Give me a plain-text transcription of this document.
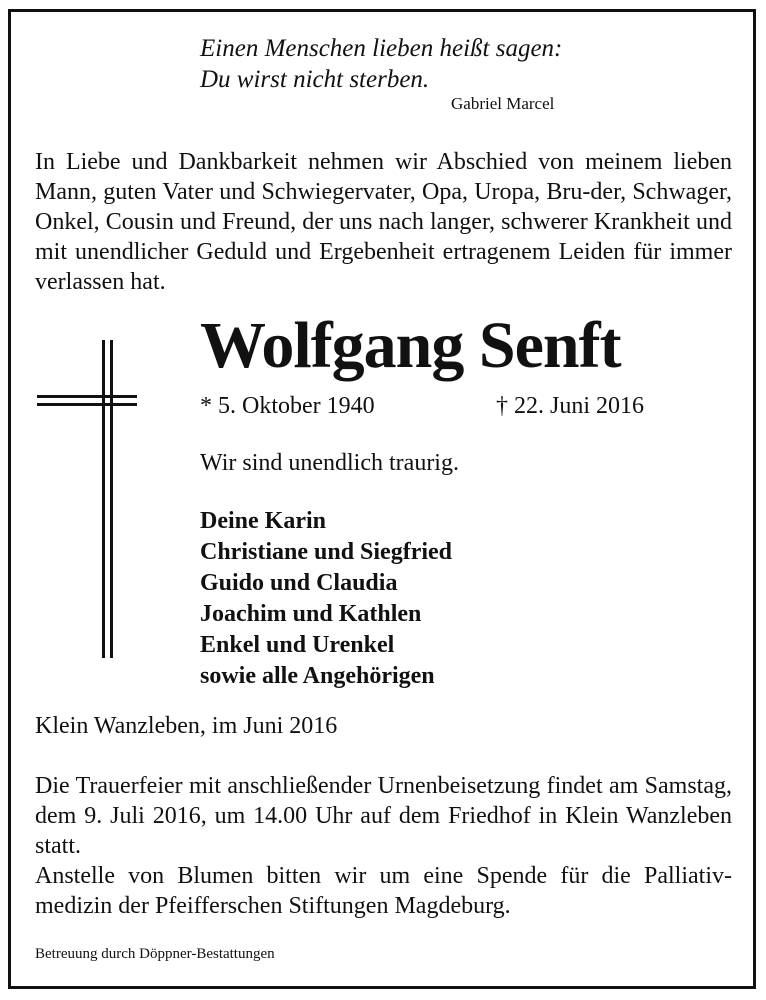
Einen Menschen lieben heißt sagen:
Du wirst nicht sterben.
Gabriel Marcel

In Liebe und Dankbarkeit nehmen wir Abschied von meinem lieben Mann, guten Vater und Schwiegervater, Opa, Uropa, Bru-der, Schwager, Onkel, Cousin und Freund, der uns nach langer, schwerer Krankheit und mit unendlicher Geduld und Ergebenheit ertragenem Leiden für immer verlassen hat.

Wolfgang Senft
* 5. Oktober 1940	† 22. Juni 2016
Wir sind unendlich traurig.
Deine Karin
Christiane und Siegfried
Guido und Claudia
Joachim und Kathlen
Enkel und Urenkel
sowie alle Angehörigen
Klein Wanzleben, im Juni 2016

Die Trauerfeier mit anschließender Urnenbeisetzung findet am Samstag, dem 9. Juli 2016, um 14.00 Uhr auf dem Friedhof in Klein Wanzleben statt.

Anstelle von Blumen bitten wir um eine Spende für die Palliativ-medizin der Pfeifferschen Stiftungen Magdeburg.

Betreuung durch Döppner-Bestattungen
